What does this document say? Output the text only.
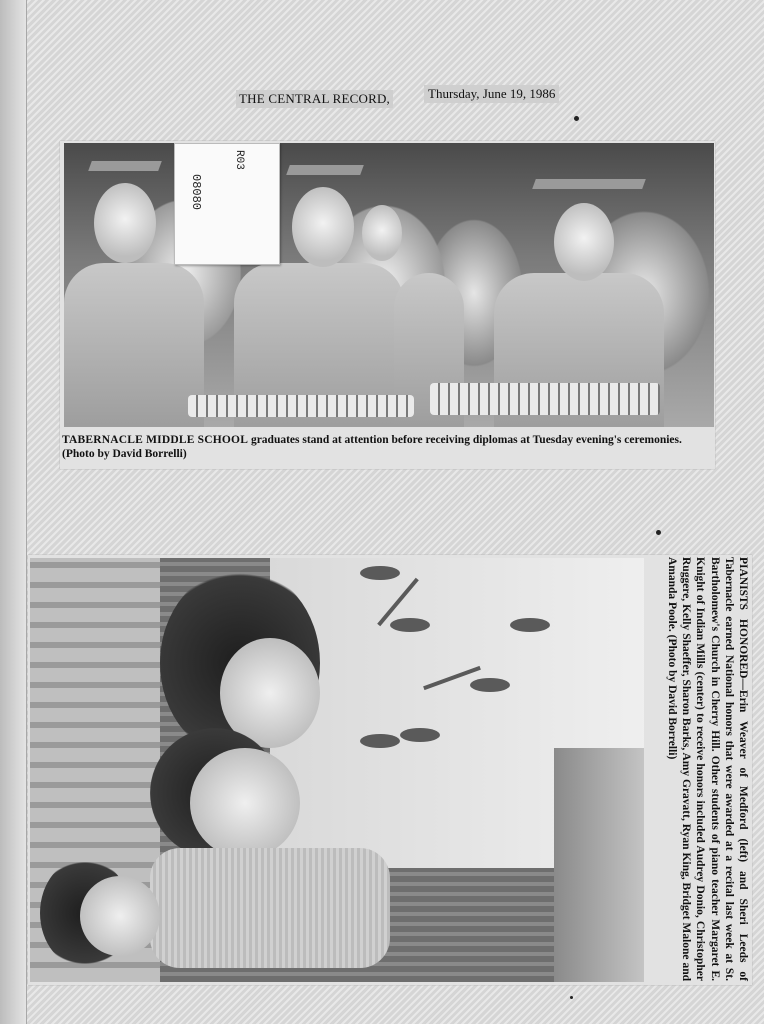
THE CENTRAL RECORD,	Thursday, June 19, 1986
R03
08080
TABERNACLE MIDDLE SCHOOL graduates stand at attention before receiving diplomas at Tuesday evening's ceremonies. (Photo by David Borrelli)
PIANISTS HONORED—Erin Weaver of Medford (left) and Sheri Leeds of Tabernacle earned National honors that were awarded at a recital last week at St. Bartholomew's Church in Cherry Hill. Other students of piano teacher Margaret E. Knight of Indian Mills (center) to receive honors included Audrey Donio, Christopher Ruggere, Kelly Shaeffer, Sharon Barks, Amy Gravatt, Ryan King, Bridget Malone and Amanda Poole. (Photo by David Borrelli)
